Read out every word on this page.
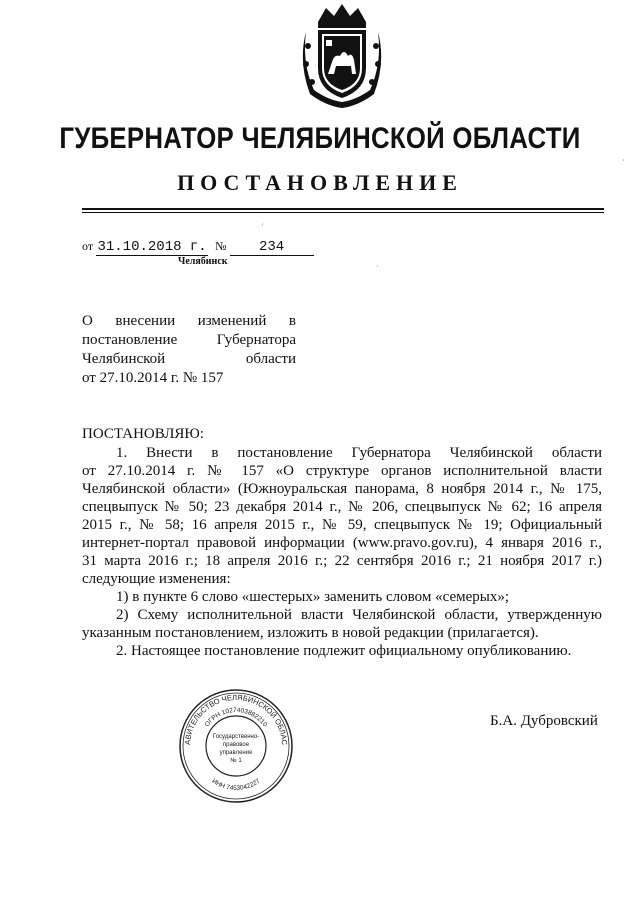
ГУБЕРНАТОР ЧЕЛЯБИНСКОЙ ОБЛАСТИ
ПОСТАНОВЛЕНИЕ
·
'
·
от 31.10.2018 г. № 234
Челябинск
О внесении изменений в
постановление Губернатора
Челябинской области
от 27.10.2014 г. № 157
ПОСТАНОВЛЯЮ:
1. Внести в постановление Губернатора Челябинской области
от 27.10.2014 г. № 157 «О структуре органов исполнительной власти
Челябинской области» (Южноуральская панорама, 8 ноября 2014 г., № 175,
спецвыпуск № 50; 23 декабря 2014 г., № 206, спецвыпуск № 62; 16 апреля
2015 г., № 58; 16 апреля 2015 г., № 59, спецвыпуск № 19; Официальный
интернет-портал правовой информации (www.pravo.gov.ru), 4 января 2016 г.,
31 марта 2016 г.; 18 апреля 2016 г.; 22 сентября 2016 г.; 21 ноября 2017 г.)
следующие изменения:
1) в пункте 6 слово «шестерых» заменить словом «семерых»;
2) Схему исполнительной власти Челябинской области, утвержденную
указанным постановлением, изложить в новой редакции (прилагается).
2. Настоящее постановление подлежит официальному опубликованию.
АВИТЕЛЬСТВО ЧЕЛЯБИНСКОЙ ОБЛАС
ОГРН 1027403882210
ИНН 7453042227
Государственно-
правовое
управление
№ 1
Б.А. Дубровский
